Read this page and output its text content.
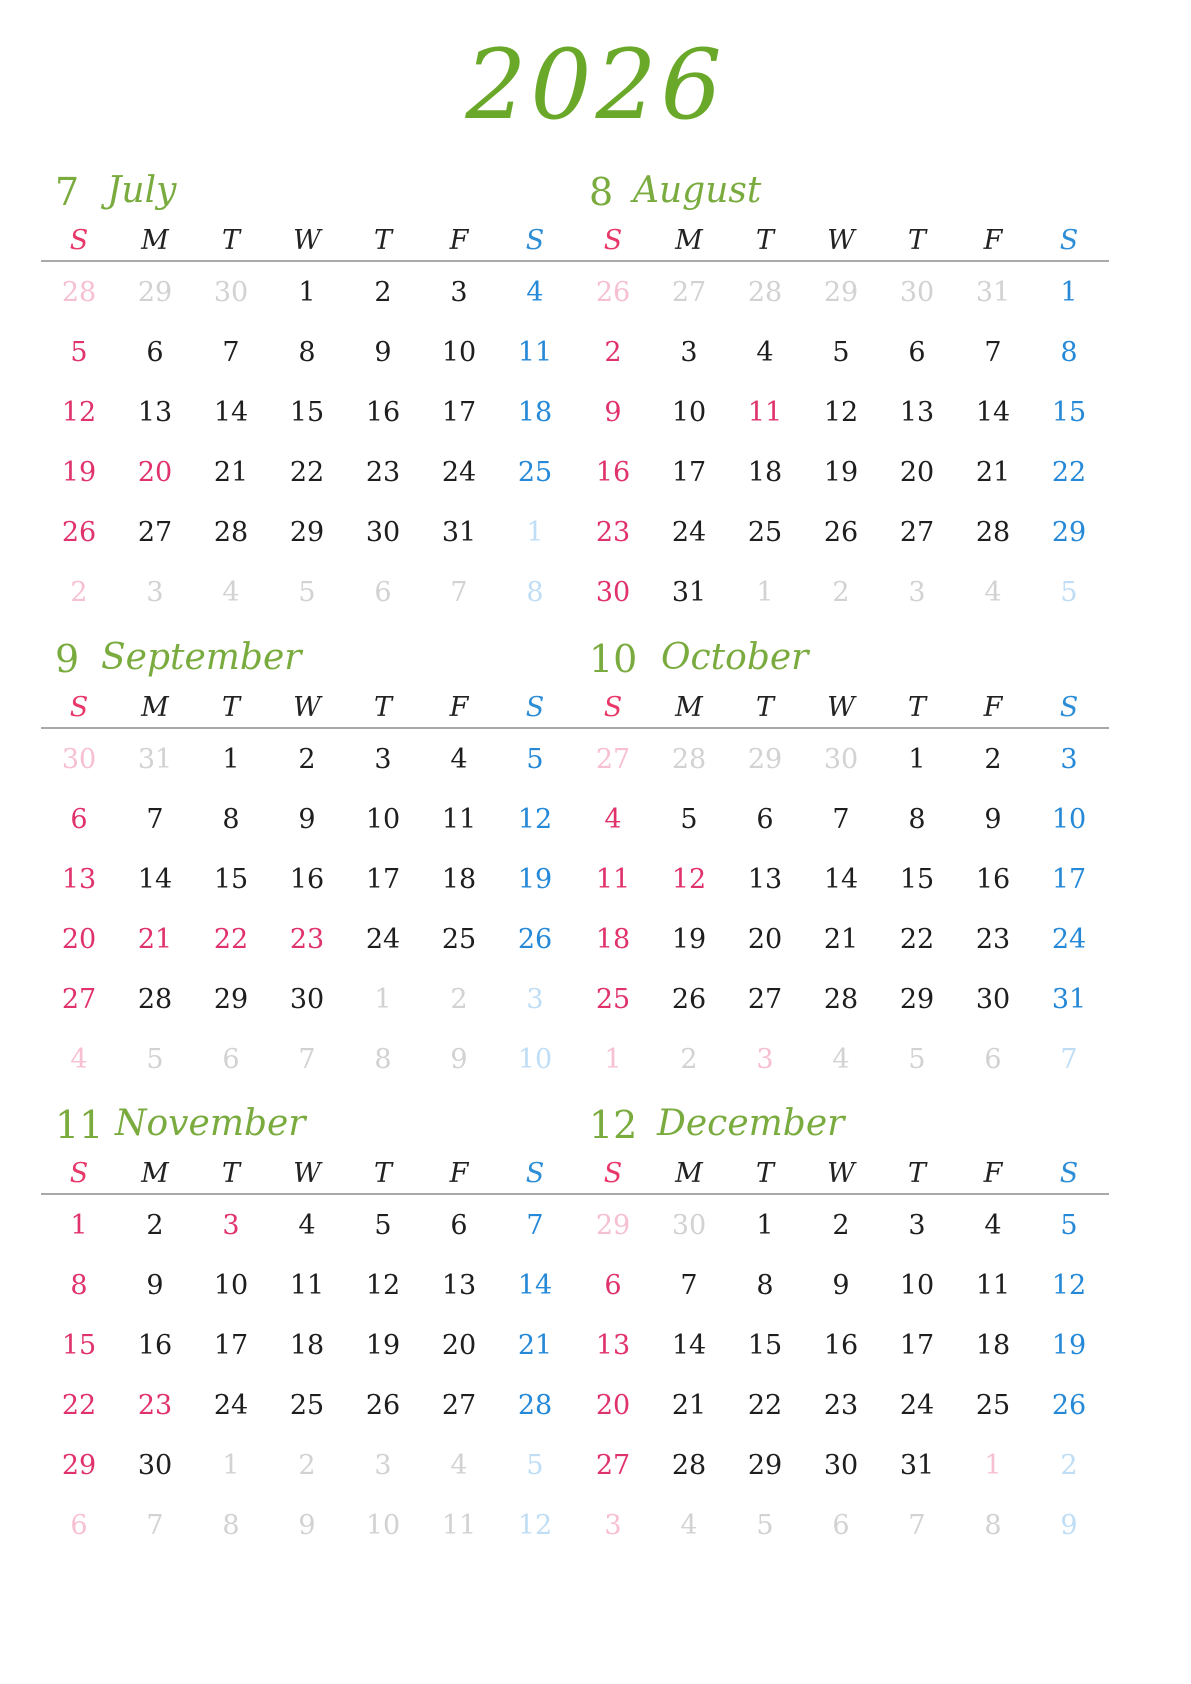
2026
7 July
S	M	T	W	T	F	S
28	29	30	1	2	3	4
5	6	7	8	9	10	11
12	13	14	15	16	17	18
19	20	21	22	23	24	25
26	27	28	29	30	31	1
2	3	4	5	6	7	8
8 August
S	M	T	W	T	F	S
26	27	28	29	30	31	1
2	3	4	5	6	7	8
9	10	11	12	13	14	15
16	17	18	19	20	21	22
23	24	25	26	27	28	29
30	31	1	2	3	4	5
9 September
S	M	T	W	T	F	S
30	31	1	2	3	4	5
6	7	8	9	10	11	12
13	14	15	16	17	18	19
20	21	22	23	24	25	26
27	28	29	30	1	2	3
4	5	6	7	8	9	10
10 October
S	M	T	W	T	F	S
27	28	29	30	1	2	3
4	5	6	7	8	9	10
11	12	13	14	15	16	17
18	19	20	21	22	23	24
25	26	27	28	29	30	31
1	2	3	4	5	6	7
11 November
S	M	T	W	T	F	S
1	2	3	4	5	6	7
8	9	10	11	12	13	14
15	16	17	18	19	20	21
22	23	24	25	26	27	28
29	30	1	2	3	4	5
6	7	8	9	10	11	12
12 December
S	M	T	W	T	F	S
29	30	1	2	3	4	5
6	7	8	9	10	11	12
13	14	15	16	17	18	19
20	21	22	23	24	25	26
27	28	29	30	31	1	2
3	4	5	6	7	8	9
